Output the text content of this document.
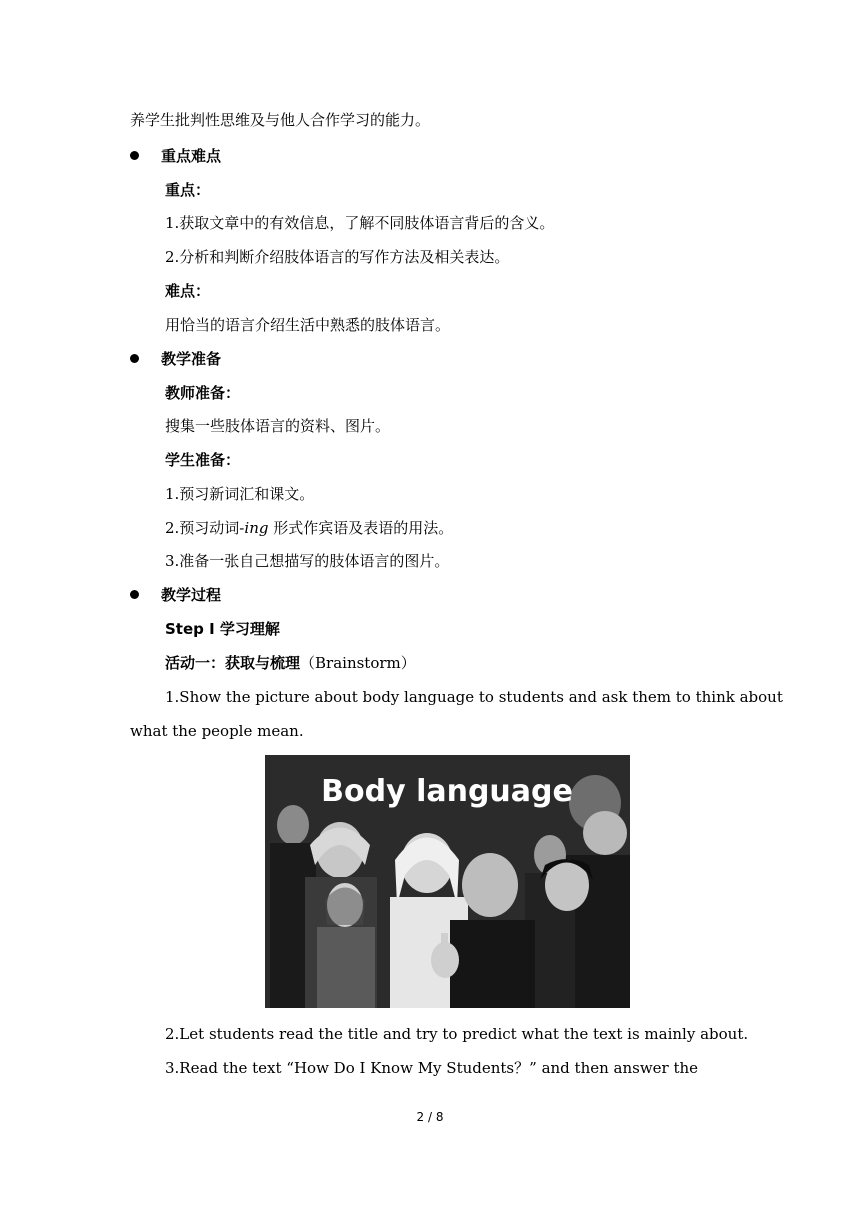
养学生批判性思维及与他人合作学习的能力。
重点难点
重点：
1.获取文章中的有效信息，了解不同肢体语言背后的含义。
2.分析和判断介绍肢体语言的写作方法及相关表达。
难点：
用恰当的语言介绍生活中熟悉的肢体语言。
教学准备
教师准备：
搜集一些肢体语言的资料、图片。
学生准备：
1.预习新词汇和课文。
2.预习动词-ing 形式作宾语及表语的用法。
3.准备一张自己想描写的肢体语言的图片。
教学过程
Step Ⅰ 学习理解
活动一：获取与梳理（Brainstorm）
1.Show the picture about body language to students and ask them to think about
what the people mean.
Body language
2.Let students read the title and try to predict what the text is mainly about.
3.Read the text “How Do I Know My Students？” and then answer the
2 / 8
